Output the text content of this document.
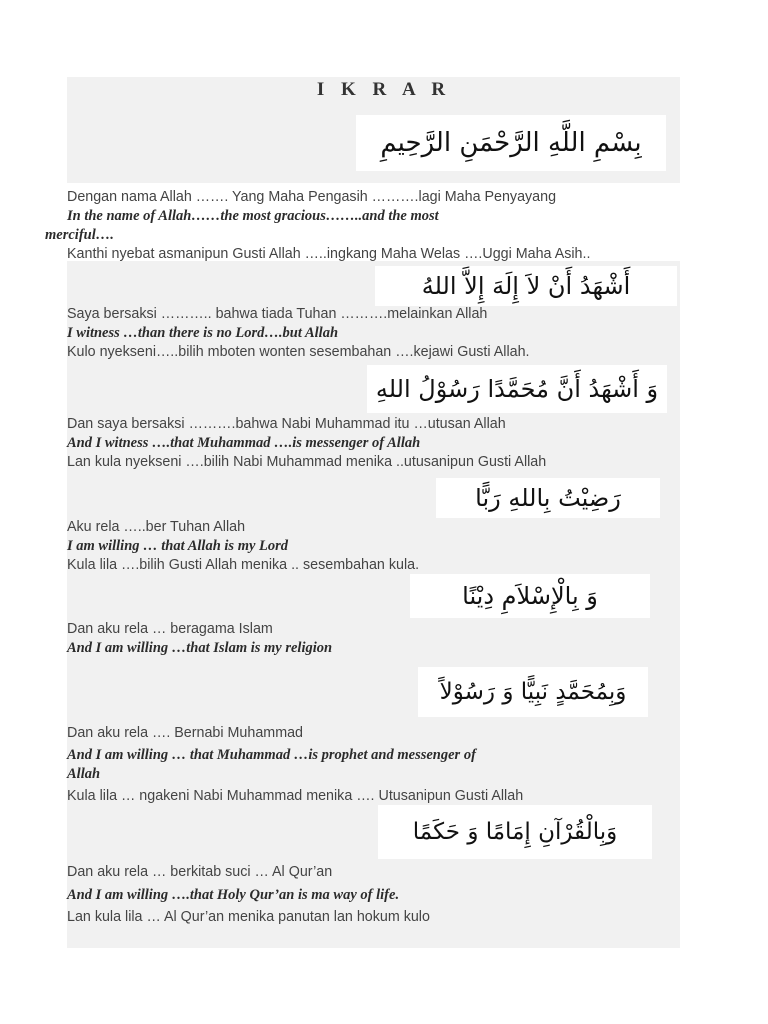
I K R A R
بِسْمِ اللَّهِ الرَّحْمَنِ الرَّحِيمِ
Dengan nama Allah ……. Yang Maha Pengasih ……….lagi Maha Penyayang
In the name of Allah……the most gracious……..and the most
merciful….
Kanthi nyebat asmanipun Gusti Allah …..ingkang Maha Welas ….Uggi Maha Asih..
أَشْهَدُ أَنْ لاَ إِلَهَ إِلاَّ اللهُ
Saya bersaksi ……….. bahwa tiada Tuhan ……….melainkan Allah
I witness …than there is no Lord….but Allah
Kulo nyekseni…..bilih mboten wonten sesembahan ….kejawi Gusti Allah.
وَ أَشْهَدُ أَنَّ مُحَمَّدًا رَسُوْلُ اللهِ
Dan saya bersaksi ……….bahwa Nabi Muhammad itu …utusan Allah
And I witness ….that Muhammad ….is messenger of Allah
Lan kula nyekseni ….bilih Nabi Muhammad menika ..utusanipun Gusti Allah
رَضِيْتُ بِاللهِ رَبًّا
Aku rela …..ber Tuhan Allah
I am willing … that Allah is my Lord
Kula lila ….bilih Gusti Allah menika .. sesembahan kula.
وَ بِالْإِسْلاَمِ دِيْنًا
Dan aku rela … beragama Islam
And I am willing …that Islam is my religion
وَبِمُحَمَّدٍ نَبِيًّا وَ رَسُوْلاً
Dan aku rela …. Bernabi Muhammad
And I am willing … that Muhammad …is prophet and messenger of
Allah
Kula lila … ngakeni Nabi Muhammad menika …. Utusanipun Gusti Allah
وَبِالْقُرْآنِ إِمَامًا وَ حَكَمًا
Dan aku rela … berkitab suci … Al Qur’an
And I am willing ….that Holy Qur’an is ma way of life.
Lan kula lila … Al Qur’an menika panutan lan hokum kulo
